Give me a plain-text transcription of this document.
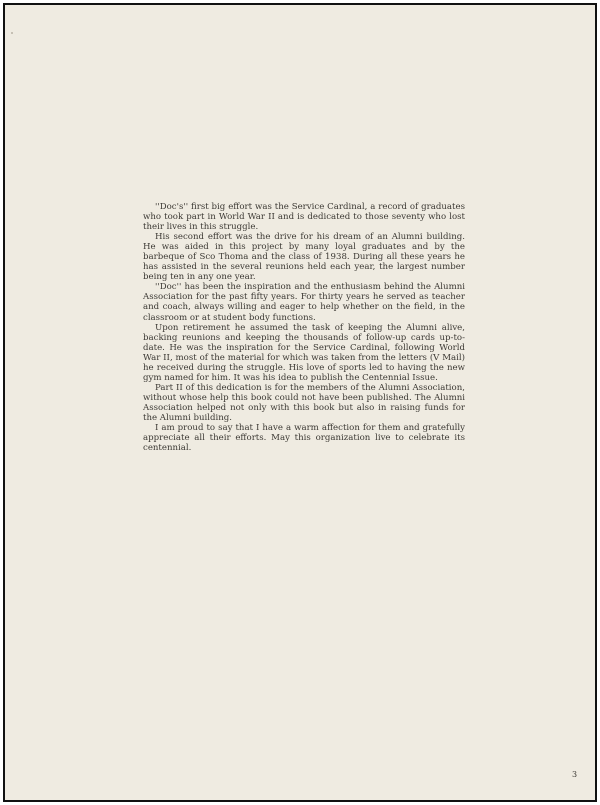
''Doc's'' first big effort was the Service Cardinal, a record of graduates who took part in World War II and is dedicated to those seventy who lost their lives in this struggle.

His second effort was the drive for his dream of an Alumni building. He was aided in this project by many loyal graduates and by the barbeque of Sco Thoma and the class of 1938. During all these years he has assisted in the several reunions held each year, the largest number being ten in any one year.

''Doc'' has been the inspiration and the enthusiasm behind the Alumni Association for the past fifty years. For thirty years he served as teacher and coach, always willing and eager to help whether on the field, in the classroom or at student body functions.

Upon retirement he assumed the task of keeping the Alumni alive, backing reunions and keeping the thousands of follow-up cards up-to-date. He was the inspiration for the Service Cardinal, following World War II, most of the material for which was taken from the letters (V Mail) he received during the struggle. His love of sports led to having the new gym named for him. It was his idea to publish the Centennial Issue.

Part II of this dedication is for the members of the Alumni Association, without whose help this book could not have been published. The Alumni Association helped not only with this book but also in raising funds for the Alumni building.

I am proud to say that I have a warm affection for them and gratefully appreciate all their efforts. May this organization live to celebrate its centennial.

3
